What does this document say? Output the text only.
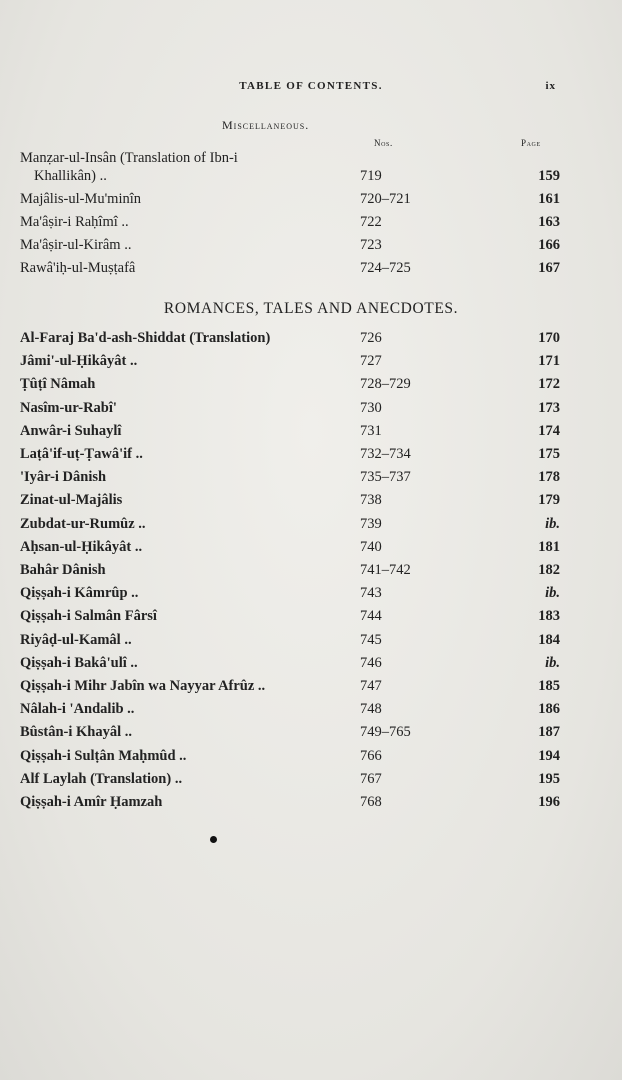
TABLE OF CONTENTS.	ix
Miscellaneous.
Nos.	Page
Manẓar-ul-Insân (Translation of Ibn-i
Khallikân) ..	719	159
Majâlis-ul-Mu'minîn	720–721	161
Ma'âṣir-i Raḥîmî ..	722	163
Ma'âṣir-ul-Kirâm ..	723	166
Rawâ'iḥ-ul-Muṣṭafâ	724–725	167
ROMANCES, TALES AND ANECDOTES.
Al-Faraj Ba'd-ash-Shiddat (Translation)	726	170
Jâmi'-ul-Ḥikâyât ..	727	171
Ṭûṭî Nâmah	728–729	172
Nasîm-ur-Rabî'	730	173
Anwâr-i Suhaylî	731	174
Laṭâ'if-uṭ-Ṭawâ'if ..	732–734	175
'Iyâr-i Dânish	735–737	178
Zinat-ul-Majâlis	738	179
Zubdat-ur-Rumûz ..	739	ib.
Aḥsan-ul-Ḥikâyât ..	740	181
Bahâr Dânish	741–742	182
Qiṣṣah-i Kâmrûp ..	743	ib.
Qiṣṣah-i Salmân Fârsî	744	183
Riyâḍ-ul-Kamâl ..	745	184
Qiṣṣah-i Bakâ'ulî ..	746	ib.
Qiṣṣah-i Mihr Jabîn wa Nayyar Afrûz ..	747	185
Nâlah-i 'Andalib ..	748	186
Bûstân-i Khayâl ..	749–765	187
Qiṣṣah-i Sulṭân Maḥmûd ..	766	194
Alf Laylah (Translation) ..	767	195
Qiṣṣah-i Amîr Ḥamzah	768	196
